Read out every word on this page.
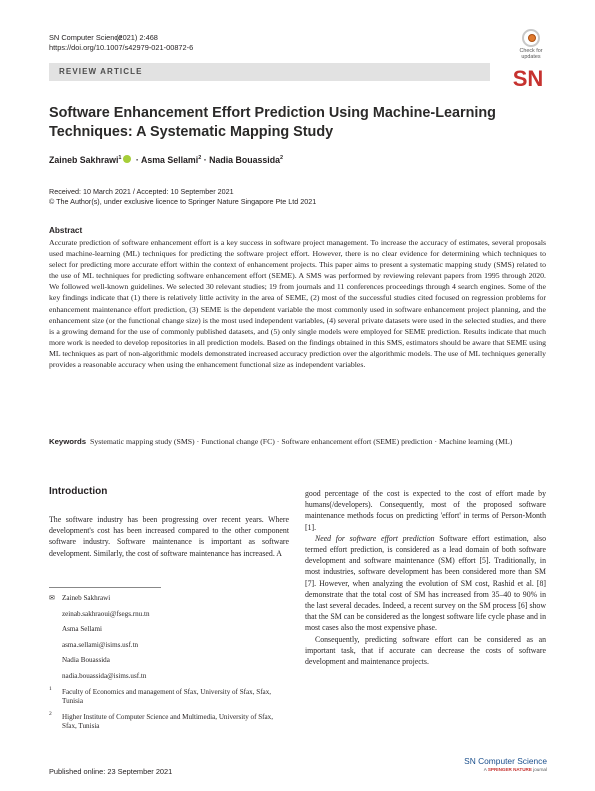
SN Computer Science
(2021) 2:468
https://doi.org/10.1007/s42979-021-00872-6	Check for
updates
REVIEW ARTICLE	SN
Software Enhancement Effort Prediction Using Machine-Learning Techniques: A Systematic Mapping Study
Zaineb Sakhrawi$^1$ · Asma Sellami$^2$ · Nadia Bouassida$^2$
Received: 10 March 2021 / Accepted: 10 September 2021
© The Author(s), under exclusive licence to Springer Nature Singapore Pte Ltd 2021
Abstract
Accurate prediction of software enhancement effort is a key success in software project management. To increase the accuracy of estimates, several proposals used machine-learning (ML) techniques for predicting the software project effort. However, there is no clear evidence for determining which techniques to select for predicting more accurate effort within the context of enhancement projects. This paper aims to present a systematic mapping study (SMS) related to the use of ML techniques for predicting software enhancement effort (SEME). A SMS was performed by reviewing relevant papers from 1995 through 2020. We followed well-known guidelines. We selected 30 relevant studies; 19 from journals and 11 conferences proceedings through 4 search engines. Some of the key findings indicate that (1) there is relatively little activity in the area of SEME, (2) most of the successful studies cited focused on regression problems for enhancement maintenance effort prediction, (3) SEME is the dependent variable the most commonly used in software enhancement project planning, and the enhancement size (or the functional change size) is the most used independent variables, (4) several private datasets were used in the selected studies, and there is a growing demand for the use of commonly published datasets, and (5) only single models were employed for SEME prediction. Results indicate that much more work is needed to develop repositories in all prediction models. Based on the findings obtained in this SMS, estimators should be aware that SEME using ML techniques as part of non-algorithmic models demonstrated increased accuracy prediction over the algorithmic models. The use of ML techniques generally provides a reasonable accuracy when using the enhancement functional size as independent variables.
Keywords Systematic mapping study (SMS) · Functional change (FC) · Software enhancement effort (SEME) prediction · Machine learning (ML)
Introduction

The software industry has been progressing over recent years. Where development's cost has been increased compared to the other component software industry. Software maintenance is important as software development. Similarly, the cost of software maintenance has increased. A

✉ Zaineb Sakhrawi
zeinab.sakhraoui@fsegs.rnu.tn
Asma Sellami
asma.sellami@isims.usf.tn
Nadia Bouassida
nadia.bouassida@isims.usf.tn
1 Faculty of Economics and management of Sfax, University of Sfax, Sfax, Tunisia
2 Higher Institute of Computer Science and Multimedia, University of Sfax, Sfax, Tunisia

good percentage of the cost is expected to the cost of effort made by humans(/developers). Consequently, most of the proposed software maintenance methods focus on predicting 'effort' in terms of Person-Month [1].

Need for software effort prediction Software effort estimation, also termed effort prediction, is considered as a lead domain of both software development and software maintenance (SM) effort [5]. Traditionally, in most industries, software development has been considered more than SM [7]. However, when analyzing the evolution of SM cost, Rashid et al. [8] demonstrate that the total cost of SM has increased from 35–40 to 90% in the last several decades. Indeed, a recent survey on the SM process [6] show that the SM can be considered as the longest software life cycle phase and in most cases also the most expensive phase.

Consequently, predicting software effort can be considered as an important task, that if accurate can decrease the costs of software development and maintenance projects.

Published online: 23 September 2021
SN Computer Science
A SPRINGER NATURE journal
